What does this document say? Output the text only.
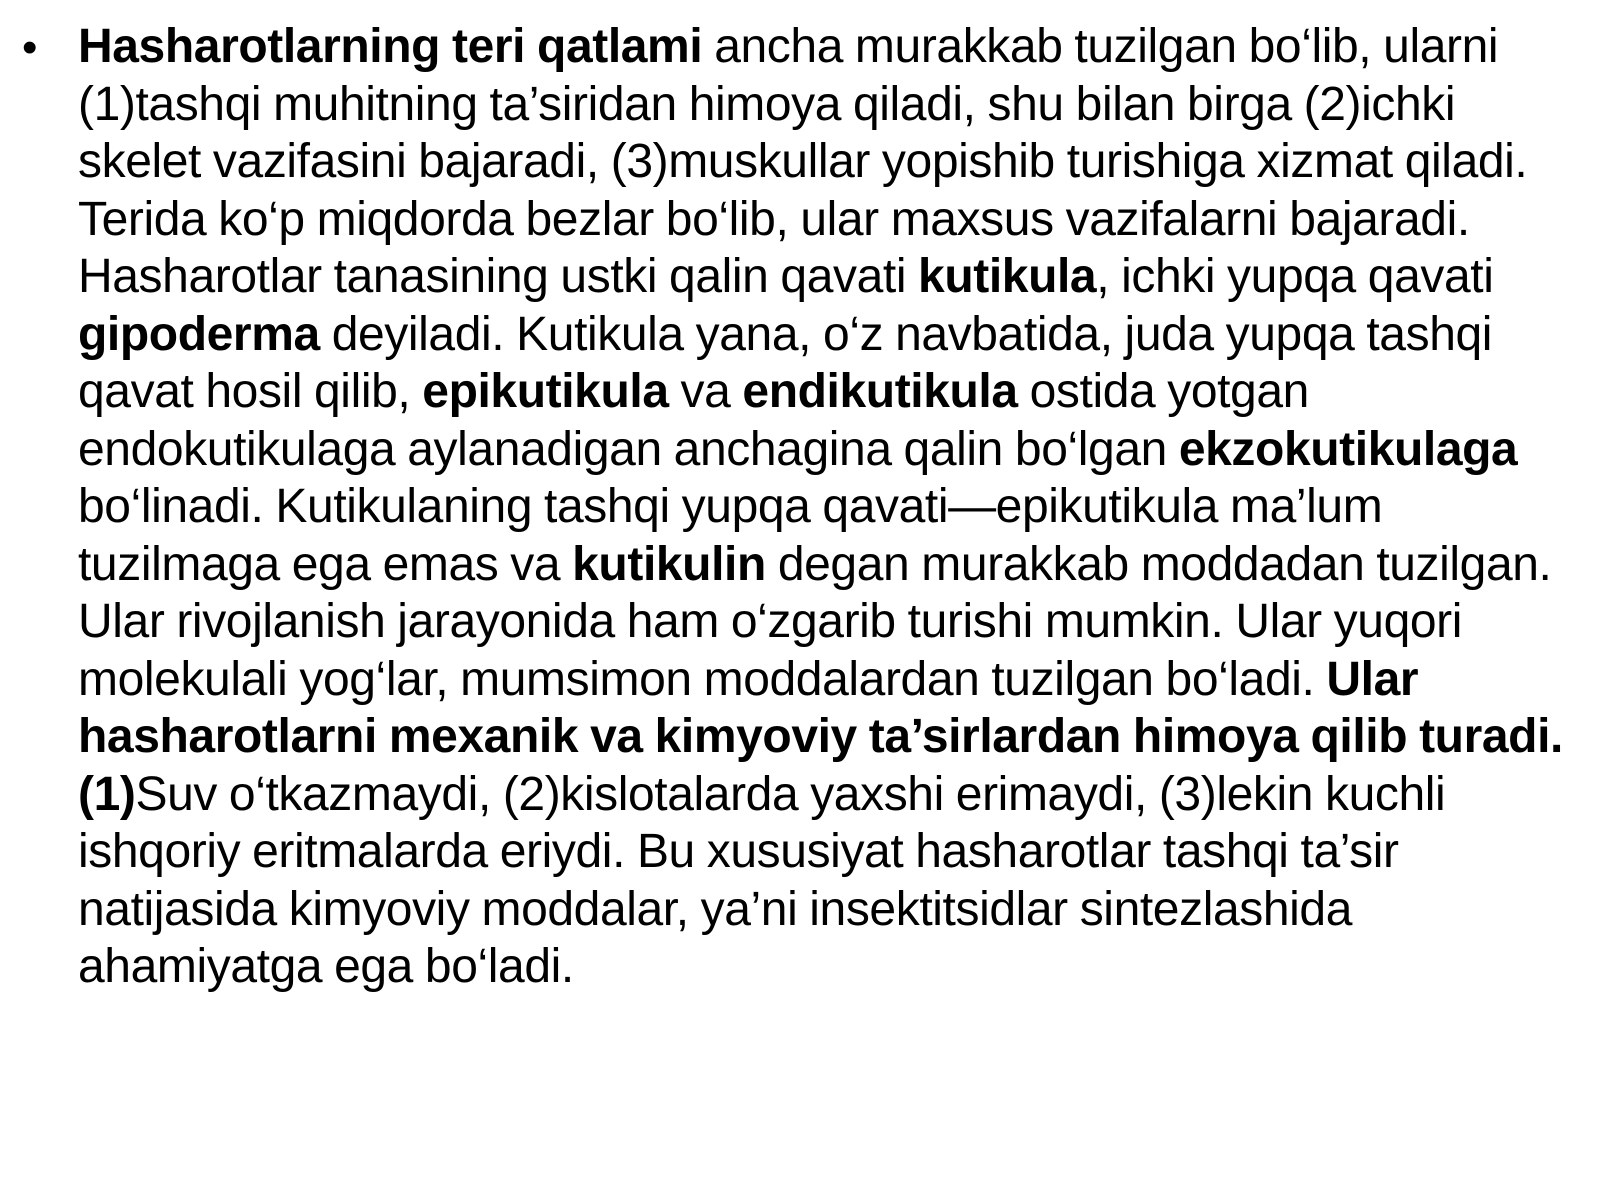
• Hasharotlarning teri qatlami ancha murakkab tuzilgan bo‘lib, ularni (1)tashqi muhitning ta’siridan himoya qiladi, shu bilan birga (2)ichki skelet vazifasini bajaradi, (3)muskullar yopishib turishiga xizmat qiladi. Terida ko‘p miqdorda bezlar bo‘lib, ular maxsus vazifalarni bajaradi. Hasharotlar tanasining ustki qalin qavati kutikula, ichki yupqa qavati gipoderma deyiladi. Kutikula yana, o‘z navbatida, juda yupqa tashqi qavat hosil qilib, epikutikula va endikutikula ostida yotgan endokutikulaga aylanadigan anchagina qalin bo‘lgan ekzokutikulaga bo‘linadi. Kutikulaning tashqi yupqa qavati—epikutikula ma’lum tuzilmaga ega emas va kutikulin degan murakkab moddadan tuzilgan. Ular rivojlanish jarayonida ham o‘zgarib turishi mumkin. Ular yuqori molekulali yog‘lar, mumsimon moddalardan tuzilgan bo‘ladi. Ular hasharotlarni mexanik va kimyoviy ta’sirlardan himoya qilib turadi. (1)Suv o‘tkazmaydi, (2)kislotalarda yaxshi erimaydi, (3)lekin kuchli ishqoriy eritmalarda eriydi. Bu xususiyat hasharotlar tashqi ta’sir natijasida kimyoviy moddalar, ya’ni insektitsidlar sintezlashida ahamiyatga ega bo‘ladi.
